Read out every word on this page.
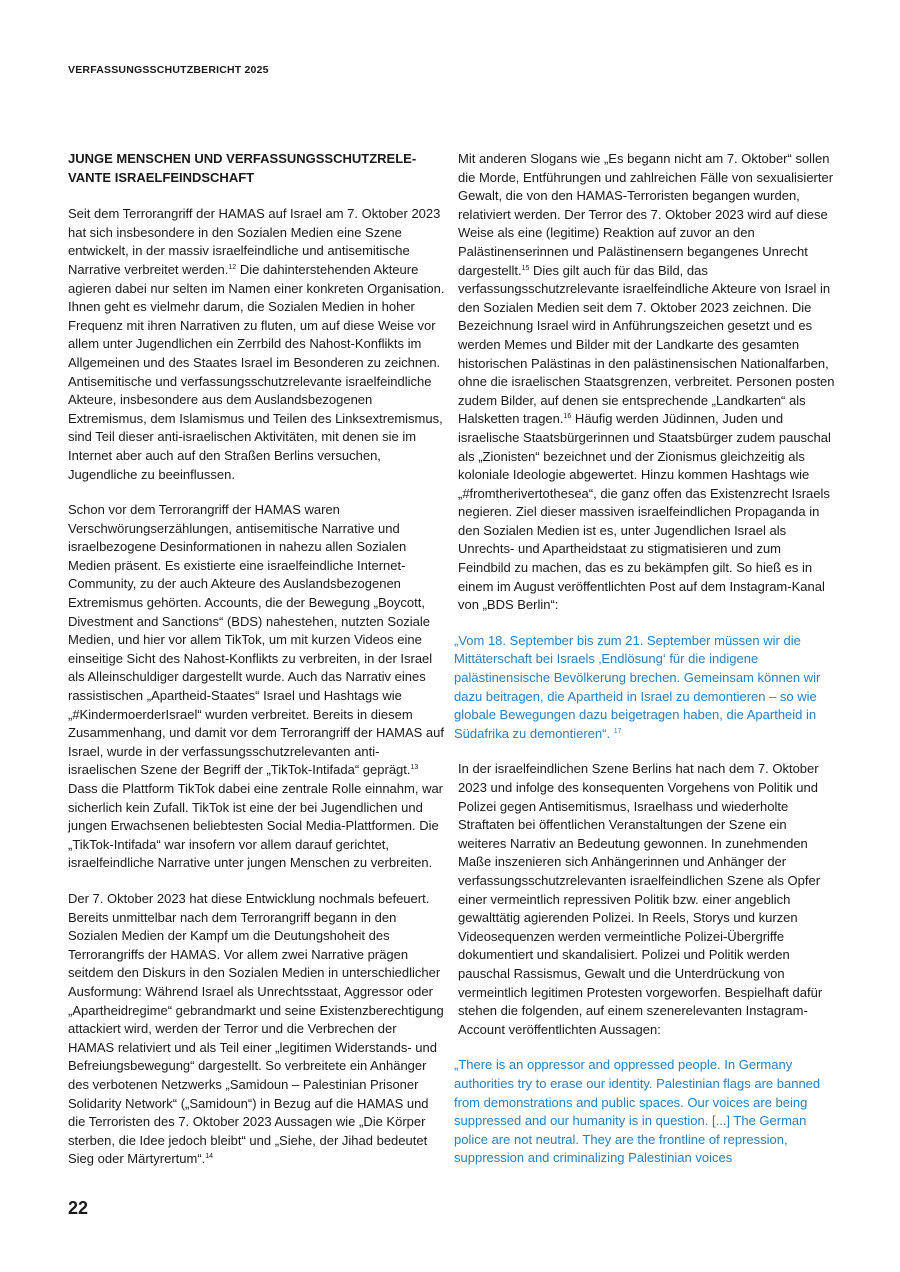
VERFASSUNGSSCHUTZBERICHT 2025
JUNGE MENSCHEN UND VERFASSUNGSSCHUTZRELE-
VANTE ISRAELFEINDSCHAFT

Seit dem Terrorangriff der HAMAS auf Israel am 7. Oktober 2023 hat sich insbesondere in den Sozialen Medien eine Szene entwickelt, in der massiv israelfeindliche und antisemitische Narrative verbreitet werden.$^{12}$ Die dahinterstehenden Akteure agieren dabei nur selten im Namen einer konkreten Organisation. Ihnen geht es vielmehr darum, die Sozialen Medien in hoher Frequenz mit ihren Narrativen zu fluten, um auf diese Weise vor allem unter Jugendlichen ein Zerrbild des Nahost-Konflikts im Allgemeinen und des Staates Israel im Besonderen zu zeichnen. Antisemitische und verfassungsschutzrelevante israelfeindliche Akteure, insbesondere aus dem Auslandsbezogenen Extremismus, dem Islamismus und Teilen des Linksextremismus, sind Teil dieser anti-israelischen Aktivitäten, mit denen sie im Internet aber auch auf den Straßen Berlins versuchen, Jugendliche zu beeinflussen.

Schon vor dem Terrorangriff der HAMAS waren Verschwörungserzählungen, antisemitische Narrative und israelbezogene Desinformationen in nahezu allen Sozialen Medien präsent. Es existierte eine israelfeindliche Internet-Community, zu der auch Akteure des Auslandsbezogenen Extremismus gehörten. Accounts, die der Bewegung „Boycott, Divestment and Sanctions“ (BDS) nahestehen, nutzten Soziale Medien, und hier vor allem TikTok, um mit kurzen Videos eine einseitige Sicht des Nahost-Konflikts zu verbreiten, in der Israel als Alleinschuldiger dargestellt wurde. Auch das Narrativ eines rassistischen „Apartheid-Staates“ Israel und Hashtags wie „#KindermoerderIsrael“ wurden verbreitet. Bereits in diesem Zusammenhang, und damit vor dem Terrorangriff der HAMAS auf Israel, wurde in der verfassungsschutzrelevanten anti-israelischen Szene der Begriff der „TikTok-Intifada“ geprägt.$^{13}$ Dass die Plattform TikTok dabei eine zentrale Rolle einnahm, war sicherlich kein Zufall. TikTok ist eine der bei Jugendlichen und jungen Erwachsenen beliebtesten Social Media-Plattformen. Die „TikTok-Intifada“ war insofern vor allem darauf gerichtet, israelfeindliche Narrative unter jungen Menschen zu verbreiten.

Der 7. Oktober 2023 hat diese Entwicklung nochmals befeuert. Bereits unmittelbar nach dem Terrorangriff begann in den Sozialen Medien der Kampf um die Deutungshoheit des Terrorangriffs der HAMAS. Vor allem zwei Narrative prägen seitdem den Diskurs in den Sozialen Medien in unterschiedlicher Ausformung: Während Israel als Unrechtsstaat, Aggressor oder „Apartheidregime“ gebrandmarkt und seine Existenzberechtigung attackiert wird, werden der Terror und die Verbrechen der HAMAS relativiert und als Teil einer „legitimen Widerstands- und Befreiungsbewegung“ dargestellt. So verbreitete ein Anhänger des verbotenen Netzwerks „Samidoun – Palestinian Prisoner Solidarity Network“ („Samidoun“) in Bezug auf die HAMAS und die Terroristen des 7. Oktober 2023 Aussagen wie „Die Körper sterben, die Idee jedoch bleibt“ und „Siehe, der Jihad bedeutet Sieg oder Märtyrertum“.$^{14}$

Mit anderen Slogans wie „Es begann nicht am 7. Oktober“ sollen die Morde, Entführungen und zahlreichen Fälle von sexualisierter Gewalt, die von den HAMAS-Terroristen begangen wurden, relativiert werden. Der Terror des 7. Oktober 2023 wird auf diese Weise als eine (legitime) Reaktion auf zuvor an den Palästinenserinnen und Palästinensern begangenes Unrecht dargestellt.$^{15}$ Dies gilt auch für das Bild, das verfassungsschutzrelevante israelfeindliche Akteure von Israel in den Sozialen Medien seit dem 7. Oktober 2023 zeichnen. Die Bezeichnung Israel wird in Anführungszeichen gesetzt und es werden Memes und Bilder mit der Landkarte des gesamten historischen Palästinas in den palästinensischen Nationalfarben, ohne die israelischen Staatsgrenzen, verbreitet. Personen posten zudem Bilder, auf denen sie entsprechende „Landkarten“ als Halsketten tragen.$^{16}$ Häufig werden Jüdinnen, Juden und israelische Staatsbürgerinnen und Staatsbürger zudem pauschal als „Zionisten“ bezeichnet und der Zionismus gleichzeitig als koloniale Ideologie abgewertet. Hinzu kommen Hashtags wie „#fromtherivertothesea“, die ganz offen das Existenzrecht Israels negieren. Ziel dieser massiven israelfeindlichen Propaganda in den Sozialen Medien ist es, unter Jugendlichen Israel als Unrechts- und Apartheidstaat zu stigmatisieren und zum Feindbild zu machen, das es zu bekämpfen gilt. So hieß es in einem im August veröffentlichten Post auf dem Instagram-Kanal von „BDS Berlin“:

„Vom 18. September bis zum 21. September müssen wir die Mittäterschaft bei Israels ‚Endlösung‘ für die indigene palästinensische Bevölkerung brechen. Gemeinsam können wir dazu beitragen, die Apartheid in Israel zu demontieren – so wie globale Bewegungen dazu beigetragen haben, die Apartheid in Südafrika zu demontieren“. $^{17}$

In der israelfeindlichen Szene Berlins hat nach dem 7. Oktober 2023 und infolge des konsequenten Vorgehens von Politik und Polizei gegen Antisemitismus, Israelhass und wiederholte Straftaten bei öffentlichen Veranstaltungen der Szene ein weiteres Narrativ an Bedeutung gewonnen. In zunehmenden Maße inszenieren sich Anhängerinnen und Anhänger der verfassungsschutzrelevanten israelfeindlichen Szene als Opfer einer vermeintlich repressiven Politik bzw. einer angeblich gewalttätig agierenden Polizei. In Reels, Storys und kurzen Videosequenzen werden vermeintliche Polizei-Übergriffe dokumentiert und skandalisiert. Polizei und Politik werden pauschal Rassismus, Gewalt und die Unterdrückung von vermeintlich legitimen Protesten vorgeworfen. Bespielhaft dafür stehen die folgenden, auf einem szenerelevanten Instagram-Account veröffentlichten Aussagen:

„There is an oppressor and oppressed people. In Germany authorities try to erase our identity. Palestinian flags are banned from demonstrations and public spaces. Our voices are being suppressed and our humanity is in question. [...] The German police are not neutral. They are the frontline of repression, suppression and criminalizing Palestinian voices

22
